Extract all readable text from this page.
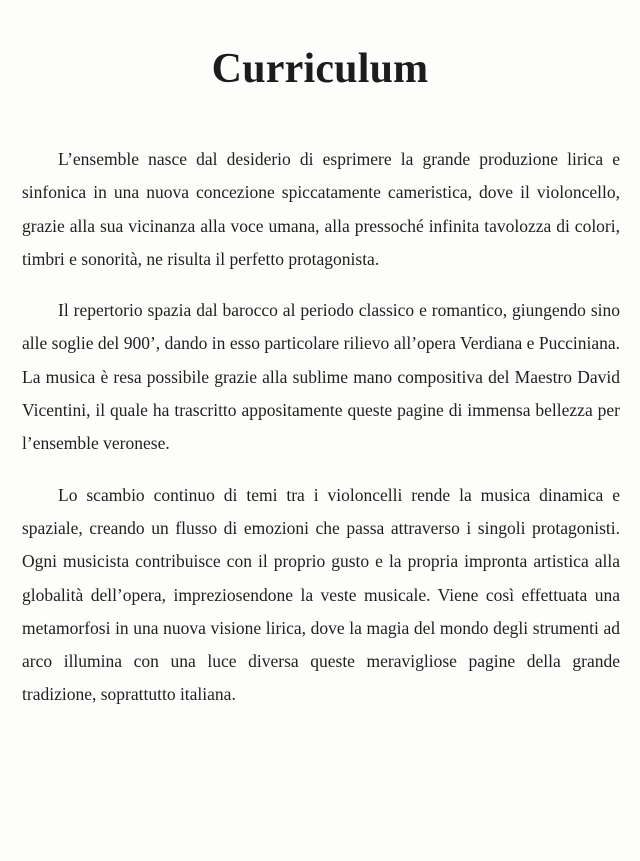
Curriculum

L’ensemble nasce dal desiderio di esprimere la grande produzione lirica e sinfonica in una nuova concezione spiccatamente cameristica, dove il violoncello, grazie alla sua vicinanza alla voce umana, alla pressoché infinita tavolozza di colori, timbri e sonorità, ne risulta il perfetto protagonista.

Il repertorio spazia dal barocco al periodo classico e romantico, giungendo sino alle soglie del 900’, dando in esso particolare rilievo all’opera Verdiana e Pucciniana. La musica è resa possibile grazie alla sublime mano compositiva del Maestro David Vicentini, il quale ha trascritto appositamente queste pagine di immensa bellezza per l’ensemble veronese.

Lo scambio continuo di temi tra i violoncelli rende la musica dinamica e spaziale, creando un flusso di emozioni che passa attraverso i singoli protagonisti. Ogni musicista contribuisce con il proprio gusto e la propria impronta artistica alla globalità dell’opera, impreziosendone la veste musicale. Viene così effettuata una metamorfosi in una nuova visione lirica, dove la magia del mondo degli strumenti ad arco illumina con una luce diversa queste meravigliose pagine della grande tradizione, soprattutto italiana.
